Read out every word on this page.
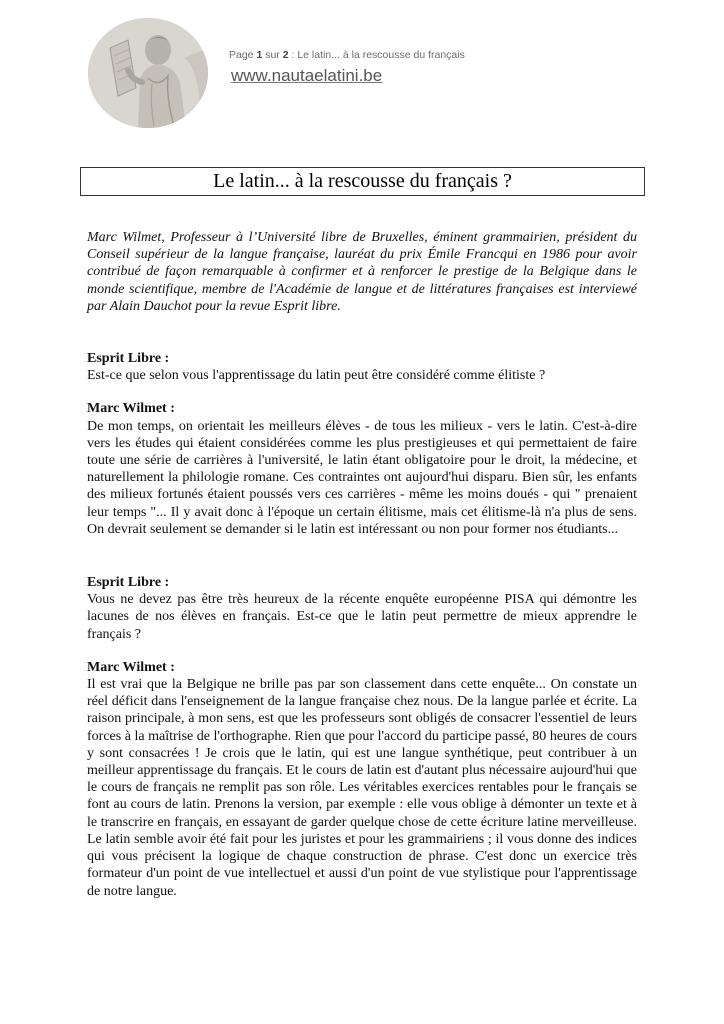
Page 1 sur 2 : Le latin... à la rescousse du français
www.nautaelatini.be
Le latin... à la rescousse du français ?

Marc Wilmet, Professeur à l’Université libre de Bruxelles, éminent grammairien, président du Conseil supérieur de la langue française, lauréat du prix Émile Francqui en 1986 pour avoir contribué de façon remarquable à confirmer et à renforcer le prestige de la Belgique dans le monde scientifique, membre de l'Académie de langue et de littératures françaises est interviewé par Alain Dauchot pour la revue Esprit libre.

Esprit Libre :

Est-ce que selon vous l'apprentissage du latin peut être considéré comme élitiste ?

Marc Wilmet :

De mon temps, on orientait les meilleurs élèves - de tous les milieux - vers le latin. C'est-à-dire vers les études qui étaient considérées comme les plus prestigieuses et qui permettaient de faire toute une série de carrières à l'université, le latin étant obligatoire pour le droit, la médecine, et naturellement la philologie romane. Ces contraintes ont aujourd'hui disparu. Bien sûr, les enfants des milieux fortunés étaient poussés vers ces carrières - même les moins doués - qui " prenaient leur temps "... Il y avait donc à l'époque un certain élitisme, mais cet élitisme-là n'a plus de sens. On devrait seulement se demander si le latin est intéressant ou non pour former nos étudiants...

Esprit Libre :

Vous ne devez pas être très heureux de la récente enquête européenne PISA qui démontre les lacunes de nos élèves en français. Est-ce que le latin peut permettre de mieux apprendre le français ?

Marc Wilmet :

Il est vrai que la Belgique ne brille pas par son classement dans cette enquête... On constate un réel déficit dans l'enseignement de la langue française chez nous. De la langue parlée et écrite. La raison principale, à mon sens, est que les professeurs sont obligés de consacrer l'essentiel de leurs forces à la maîtrise de l'orthographe. Rien que pour l'accord du participe passé, 80 heures de cours y sont consacrées ! Je crois que le latin, qui est une langue synthétique, peut contribuer à un meilleur apprentissage du français. Et le cours de latin est d'autant plus nécessaire aujourd'hui que le cours de français ne remplit pas son rôle. Les véritables exercices rentables pour le français se font au cours de latin. Prenons la version, par exemple : elle vous oblige à démonter un texte et à le transcrire en français, en essayant de garder quelque chose de cette écriture latine merveilleuse. Le latin semble avoir été fait pour les juristes et pour les grammairiens ; il vous donne des indices qui vous précisent la logique de chaque construction de phrase. C'est donc un exercice très formateur d'un point de vue intellectuel et aussi d'un point de vue stylistique pour l'apprentissage de notre langue.
